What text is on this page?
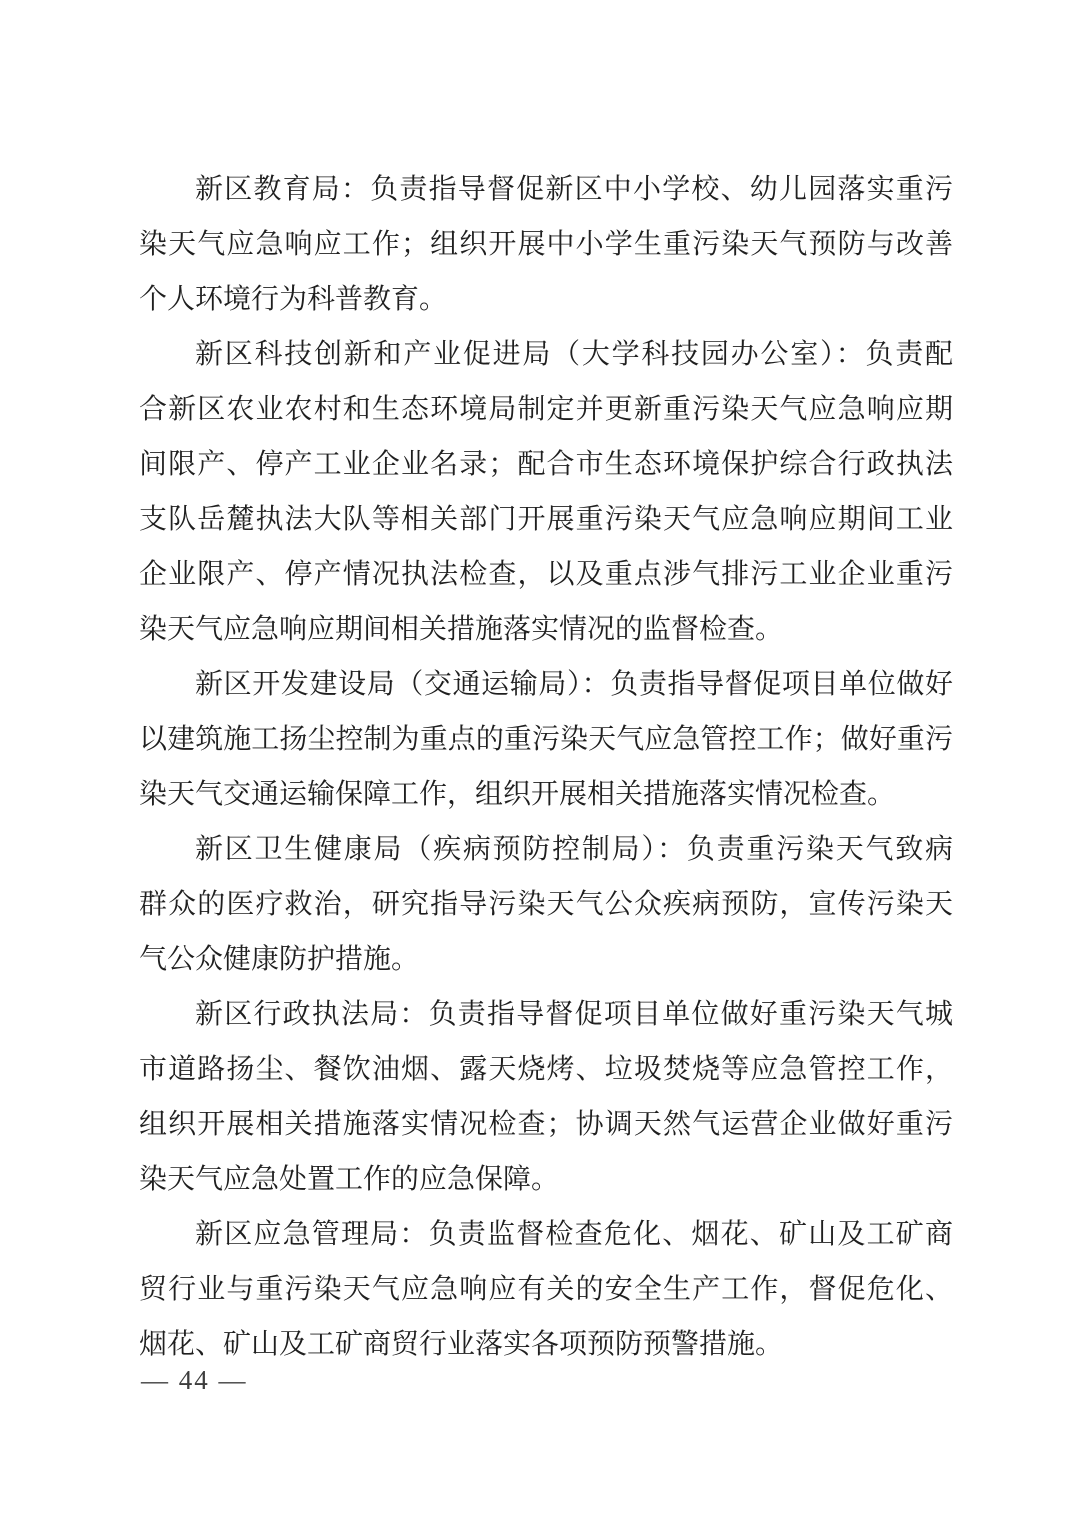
新区教育局：负责指导督促新区中小学校、幼儿园落实重污
染天气应急响应工作；组织开展中小学生重污染天气预防与改善
个人环境行为科普教育。
新区科技创新和产业促进局（大学科技园办公室）：负责配
合新区农业农村和生态环境局制定并更新重污染天气应急响应期
间限产、停产工业企业名录；配合市生态环境保护综合行政执法
支队岳麓执法大队等相关部门开展重污染天气应急响应期间工业
企业限产、停产情况执法检查，以及重点涉气排污工业企业重污
染天气应急响应期间相关措施落实情况的监督检查。
新区开发建设局（交通运输局）：负责指导督促项目单位做好
以建筑施工扬尘控制为重点的重污染天气应急管控工作；做好重污
染天气交通运输保障工作，组织开展相关措施落实情况检查。
新区卫生健康局（疾病预防控制局）：负责重污染天气致病
群众的医疗救治，研究指导污染天气公众疾病预防，宣传污染天
气公众健康防护措施。
新区行政执法局：负责指导督促项目单位做好重污染天气城
市道路扬尘、餐饮油烟、露天烧烤、垃圾焚烧等应急管控工作，
组织开展相关措施落实情况检查；协调天然气运营企业做好重污
染天气应急处置工作的应急保障。
新区应急管理局：负责监督检查危化、烟花、矿山及工矿商
贸行业与重污染天气应急响应有关的安全生产工作，督促危化、
烟花、矿山及工矿商贸行业落实各项预防预警措施。
— 44 —
